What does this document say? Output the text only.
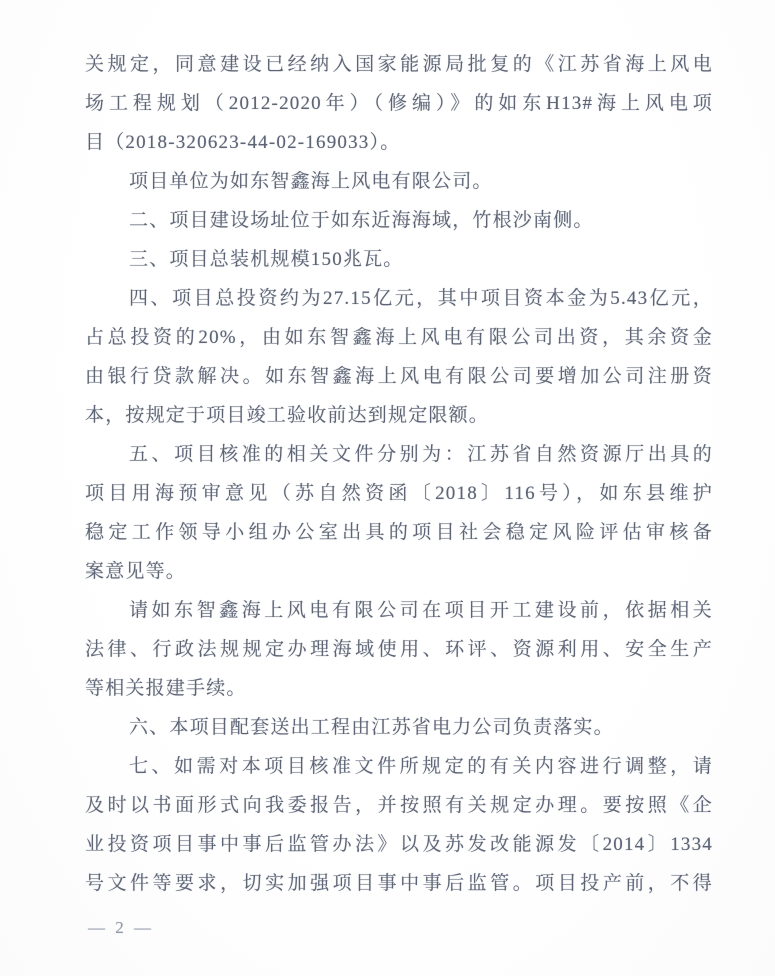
关规定，同意建设已经纳入国家能源局批复的《江苏省海上风电
场工程规划（2012-2020年）（修编）》的如东H13#海上风电项
目（2018-320623-44-02-169033）。
项目单位为如东智鑫海上风电有限公司。
二、项目建设场址位于如东近海海域，竹根沙南侧。
三、项目总装机规模150兆瓦。
四、项目总投资约为27.15亿元，其中项目资本金为5.43亿元，
占总投资的20%，由如东智鑫海上风电有限公司出资，其余资金
由银行贷款解决。如东智鑫海上风电有限公司要增加公司注册资
本，按规定于项目竣工验收前达到规定限额。
五、项目核准的相关文件分别为：江苏省自然资源厅出具的
项目用海预审意见（苏自然资函〔2018〕116号），如东县维护
稳定工作领导小组办公室出具的项目社会稳定风险评估审核备
案意见等。
请如东智鑫海上风电有限公司在项目开工建设前，依据相关
法律、行政法规规定办理海域使用、环评、资源利用、安全生产
等相关报建手续。
六、本项目配套送出工程由江苏省电力公司负责落实。
七、如需对本项目核准文件所规定的有关内容进行调整，请
及时以书面形式向我委报告，并按照有关规定办理。要按照《企
业投资项目事中事后监管办法》以及苏发改能源发〔2014〕1334
号文件等要求，切实加强项目事中事后监管。项目投产前，不得
— 2 —
